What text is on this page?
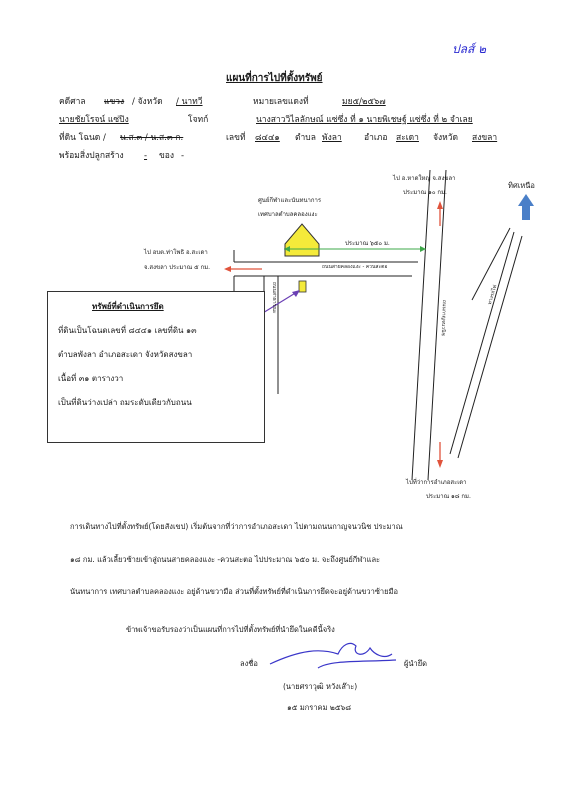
ปลส์ ๒
แผนที่การไปที่ตั้งทรัพย์
คดีศาล แขวง / จังหวัด / นาทวี	หมายเลขแดงที่	มย๕/๒๕๖๗
นายชัยโรจน์ แซ่ปิง	โจทก์	นางสาววิไลลักษณ์ แซ่ซึ่ง ที่ ๑ นายพิเชษฐ์ แซ่ซึ่ง ที่ ๒ จำเลย
ที่ดิน โฉนด / น.ส.๓ / น.ส.๓ ก.	เลขที่ ๘๔๔๑ ตำบล พังลา	อำเภอ สะเดา จังหวัด สงขลา
พร้อมสิ่งปลูกสร้าง - ของ -
ไป อ.หาดใหญ่ จ.สงขลา
ประมาณ ๑๐ กม.
ทิศเหนือ
ศูนย์กีฬาและนันทนาการ
เทศบาลตำบลคลองแงะ
ประมาณ ๖๕๐ ม.
ไป อบต.ท่าโพธิ อ.สะเดา
จ.สงขลา ประมาณ ๕ กม.	ถนนสายคลองแงะ - ควนสะตอ
ถนนสาธารณะ
ถนนกาญจนวนิช
ทางรถไฟ
ไปที่ว่าการอำเภอสะเดา
ประมาณ ๑๘ กม.
ทรัพย์ที่ดำเนินการยึด
ที่ดินเป็นโฉนดเลขที่ ๘๔๔๑ เลขที่ดิน ๑๓
ตำบลพังลา อำเภอสะเดา จังหวัดสงขลา
เนื้อที่ ๓๑ ตารางวา
เป็นที่ดินว่างเปล่า ถมระดับเดียวกับถนน
การเดินทางไปที่ตั้งทรัพย์(โดยสังเขป) เริ่มต้นจากที่ว่าการอำเภอสะเดา ไปตามถนนกาญจนวนิช ประมาณ
๑๘ กม. แล้วเลี้ยวซ้ายเข้าสู่ถนนสายคลองแงะ -ควนสะตอ ไปประมาณ ๖๕๐ ม. จะถึงศูนย์กีฬาและ
นันทนาการ เทศบาลตำบลคลองแงะ อยู่ด้านขวามือ ส่วนที่ตั้งทรัพย์ที่ดำเนินการยึดจะอยู่ด้านขวาซ้ายมือ
ข้าพเจ้าขอรับรองว่าเป็นแผนที่การไปที่ตั้งทรัพย์ที่นำยึดในคดีนี้จริง
ลงชื่อ	ผู้นำยึด
(นายศราวุฒิ หวังเส๊าะ)
๑๕ มกราคม ๒๕๖๘
